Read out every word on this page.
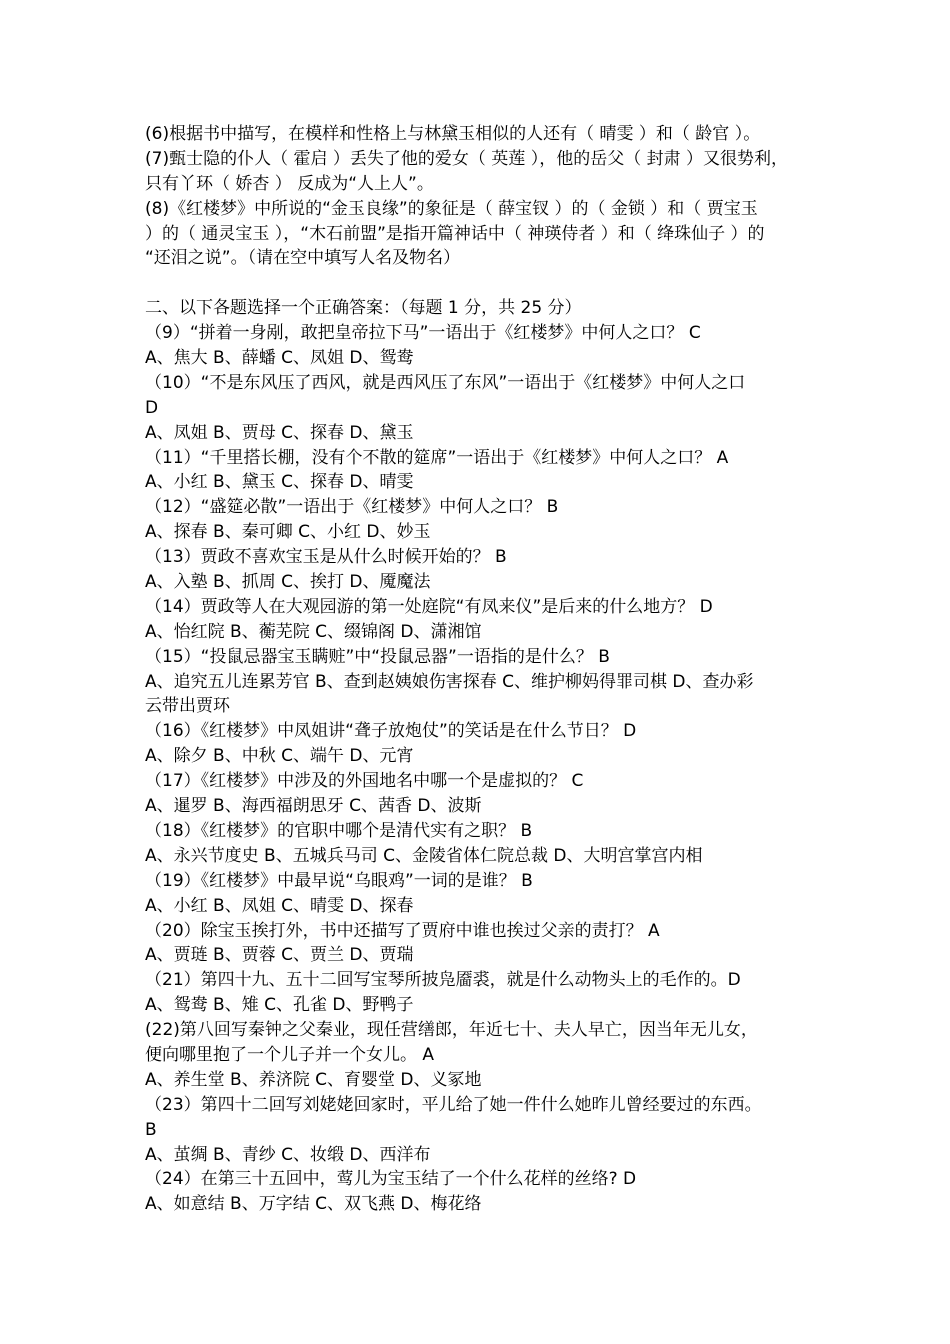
(6)根据书中描写，在模样和性格上与林黛玉相似的人还有（ 晴雯 ）和（ 龄官 ）。
(7)甄士隐的仆人（ 霍启 ）丢失了他的爱女（ 英莲 ），他的岳父（ 封肃 ）又很势利，
只有丫环（ 娇杏 ） 反成为“人上人”。
(8)《红楼梦》中所说的“金玉良缘”的象征是（ 薛宝钗 ）的（ 金锁 ）和（ 贾宝玉
）的（ 通灵宝玉 ），“木石前盟”是指开篇神话中（ 神瑛侍者 ）和（ 绛珠仙子 ）的
“还泪之说”。（请在空中填写人名及物名）
二、以下各题选择一个正确答案：（每题 1 分，共 25 分）
（9）“拼着一身剐，敢把皇帝拉下马”一语出于《红楼梦》中何人之口？ C
A、焦大 B、薛蟠 C、凤姐 D、鸳鸯
（10）“不是东风压了西风，就是西风压了东风”一语出于《红楼梦》中何人之口
D
A、凤姐 B、贾母 C、探春 D、黛玉
（11）“千里搭长棚，没有个不散的筵席”一语出于《红楼梦》中何人之口？ A
A、小红 B、黛玉 C、探春 D、晴雯
（12）“盛筵必散”一语出于《红楼梦》中何人之口？ B
A、探春 B、秦可卿 C、小红 D、妙玉
（13）贾政不喜欢宝玉是从什么时候开始的？ B
A、入塾 B、抓周 C、挨打 D、魇魔法
（14）贾政等人在大观园游的第一处庭院“有凤来仪”是后来的什么地方？ D
A、怡红院 B、蘅芜院 C、缀锦阁 D、潇湘馆
（15）“投鼠忌器宝玉瞒赃”中“投鼠忌器”一语指的是什么？ B
A、追究五儿连累芳官 B、查到赵姨娘伤害探春 C、维护柳妈得罪司棋 D、查办彩
云带出贾环
（16）《红楼梦》中凤姐讲“聋子放炮仗”的笑话是在什么节日？ D
A、除夕 B、中秋 C、端午 D、元宵
（17）《红楼梦》中涉及的外国地名中哪一个是虚拟的？ C
A、暹罗 B、海西福朗思牙 C、茜香 D、波斯
（18）《红楼梦》的官职中哪个是清代实有之职？ B
A、永兴节度史 B、五城兵马司 C、金陵省体仁院总裁 D、大明宫掌宫内相
（19）《红楼梦》中最早说“乌眼鸡”一词的是谁？ B
A、小红 B、凤姐 C、晴雯 D、探春
（20）除宝玉挨打外，书中还描写了贾府中谁也挨过父亲的责打？ A
A、贾琏 B、贾蓉 C、贾兰 D、贾瑞
（21）第四十九、五十二回写宝琴所披凫靥裘，就是什么动物头上的毛作的。D
A、鸳鸯 B、雉 C、孔雀 D、野鸭子
(22)第八回写秦钟之父秦业，现任营缮郎，年近七十、夫人早亡，因当年无儿女，
便向哪里抱了一个儿子并一个女儿。 A
A、养生堂 B、养济院 C、育婴堂 D、义冢地
（23）第四十二回写刘姥姥回家时，平儿给了她一件什么她昨儿曾经要过的东西。
B
A、茧绸 B、青纱 C、妆缎 D、西洋布
（24）在第三十五回中，莺儿为宝玉结了一个什么花样的丝络? D
A、如意结 B、万字结 C、双飞燕 D、梅花络
